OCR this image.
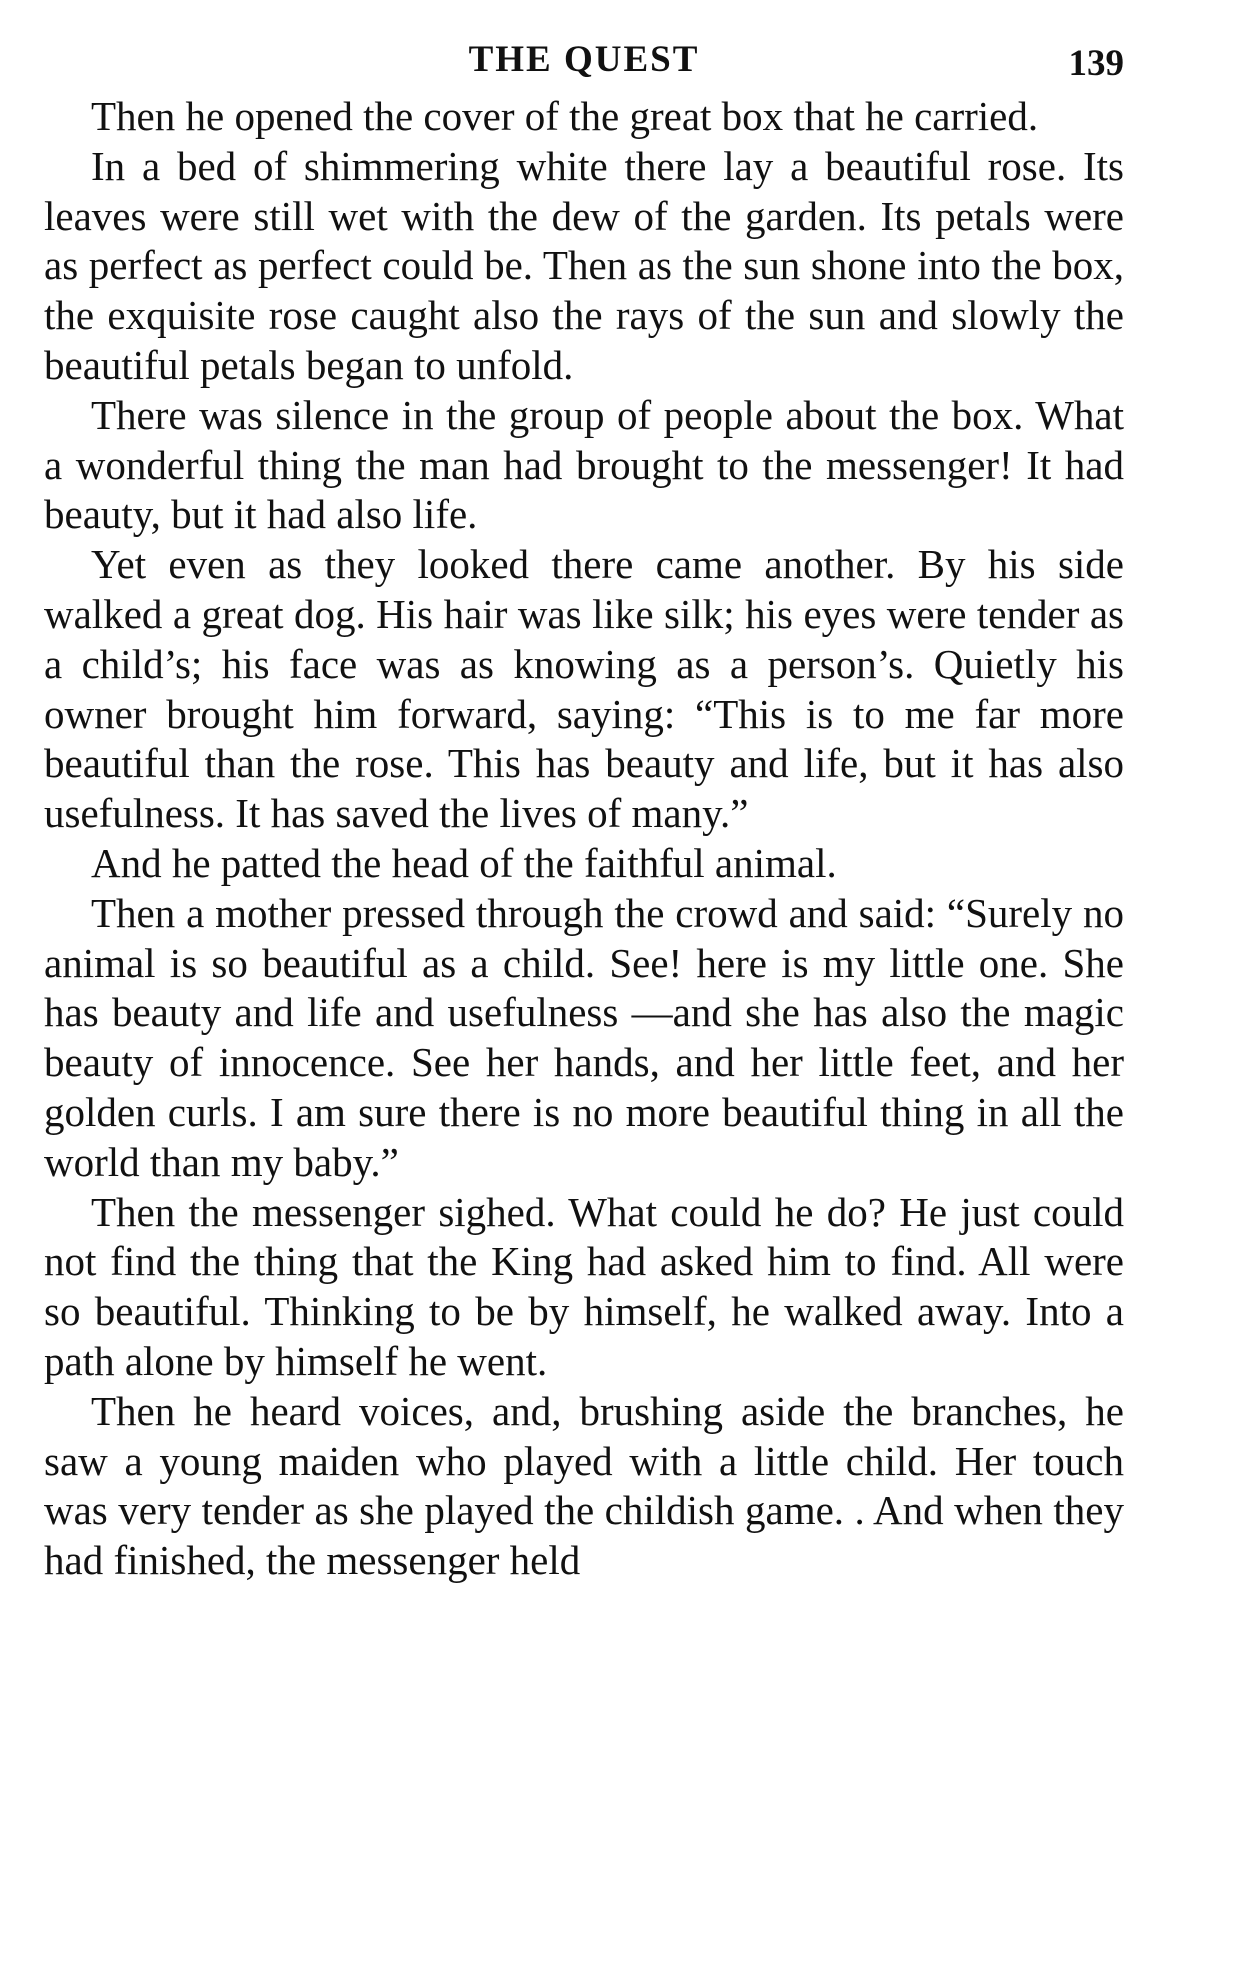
THE QUEST	139

Then he opened the cover of the great box that he carried.

In a bed of shimmering white there lay a beautiful rose. Its leaves were still wet with the dew of the garden. Its petals were as perfect as perfect could be. Then as the sun shone into the box, the exquisite rose caught also the rays of the sun and slowly the beautiful petals began to unfold.

There was silence in the group of people about the box. What a wonderful thing the man had brought to the messenger! It had beauty, but it had also life.

Yet even as they looked there came another. By his side walked a great dog. His hair was like silk; his eyes were tender as a child’s; his face was as knowing as a person’s. Quietly his owner brought him forward, saying: “This is to me far more beautiful than the rose. This has beauty and life, but it has also usefulness. It has saved the lives of many.”

And he patted the head of the faithful animal.

Then a mother pressed through the crowd and said: “Surely no animal is so beautiful as a child. See! here is my little one. She has beauty and life and usefulness —and she has also the magic beauty of innocence. See her hands, and her little feet, and her golden curls. I am sure there is no more beautiful thing in all the world than my baby.”

Then the messenger sighed. What could he do? He just could not find the thing that the King had asked him to find. All were so beautiful. Thinking to be by himself, he walked away. Into a path alone by himself he went.

Then he heard voices, and, brushing aside the branches, he saw a young maiden who played with a little child. Her touch was very tender as she played the childish game. . And when they had finished, the messenger held
